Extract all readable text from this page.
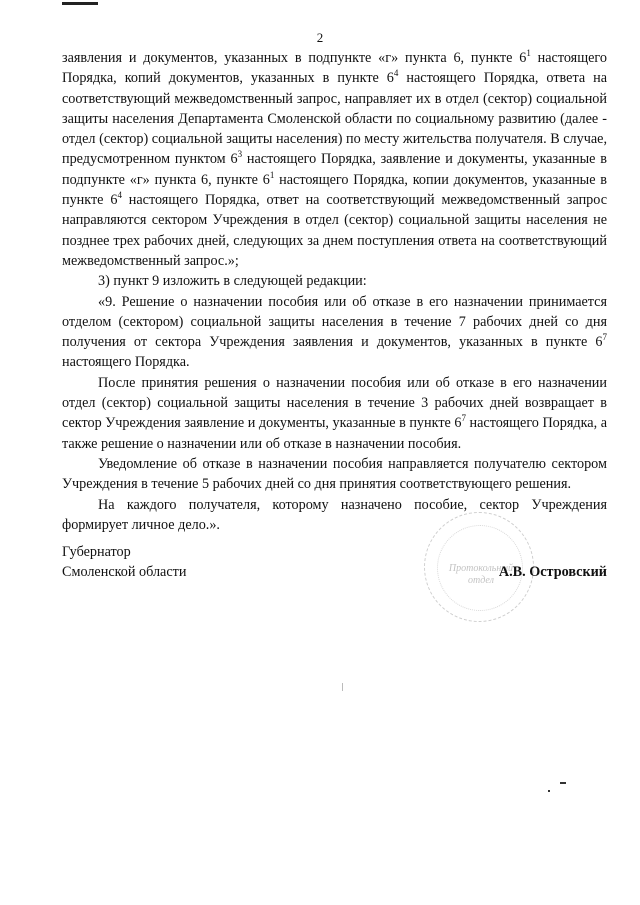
2

заявления и документов, указанных в подпункте «г» пункта 6, пункте $6^1$ настоящего Порядка, копий документов, указанных в пункте $6^4$ настоящего Порядка, ответа на соответствующий межведомственный запрос, направляет их в отдел (сектор) социальной защиты населения Департамента Смоленской области по социальному развитию (далее - отдел (сектор) социальной защиты населения) по месту жительства получателя. В случае, предусмотренном пунктом $6^3$ настоящего Порядка, заявление и документы, указанные в подпункте «г» пункта 6, пункте $6^1$ настоящего Порядка, копии документов, указанные в пункте $6^4$ настоящего Порядка, ответ на соответствующий межведомственный запрос направляются сектором Учреждения в отдел (сектор) социальной защиты населения не позднее трех рабочих дней, следующих за днем поступления ответа на соответствующий межведомственный запрос.»;

3) пункт 9 изложить в следующей редакции:

«9. Решение о назначении пособия или об отказе в его назначении принимается отделом (сектором) социальной защиты населения в течение 7 рабочих дней со дня получения от сектора Учреждения заявления и документов, указанных в пункте $6^7$ настоящего Порядка.

После принятия решения о назначении пособия или об отказе в его назначении отдел (сектор) социальной защиты населения в течение 3 рабочих дней возвращает в сектор Учреждения заявление и документы, указанные в пункте $6^7$ настоящего Порядка, а также решение о назначении или об отказе в назначении пособия.

Уведомление об отказе в назначении пособия направляется получателю сектором Учреждения в течение 5 рабочих дней со дня принятия соответствующего решения.

На каждого получателя, которому назначено пособие, сектор Учреждения формирует личное дело.».

Протокольный
отдел
Губернатор
Смоленской области	А.В. Островский
